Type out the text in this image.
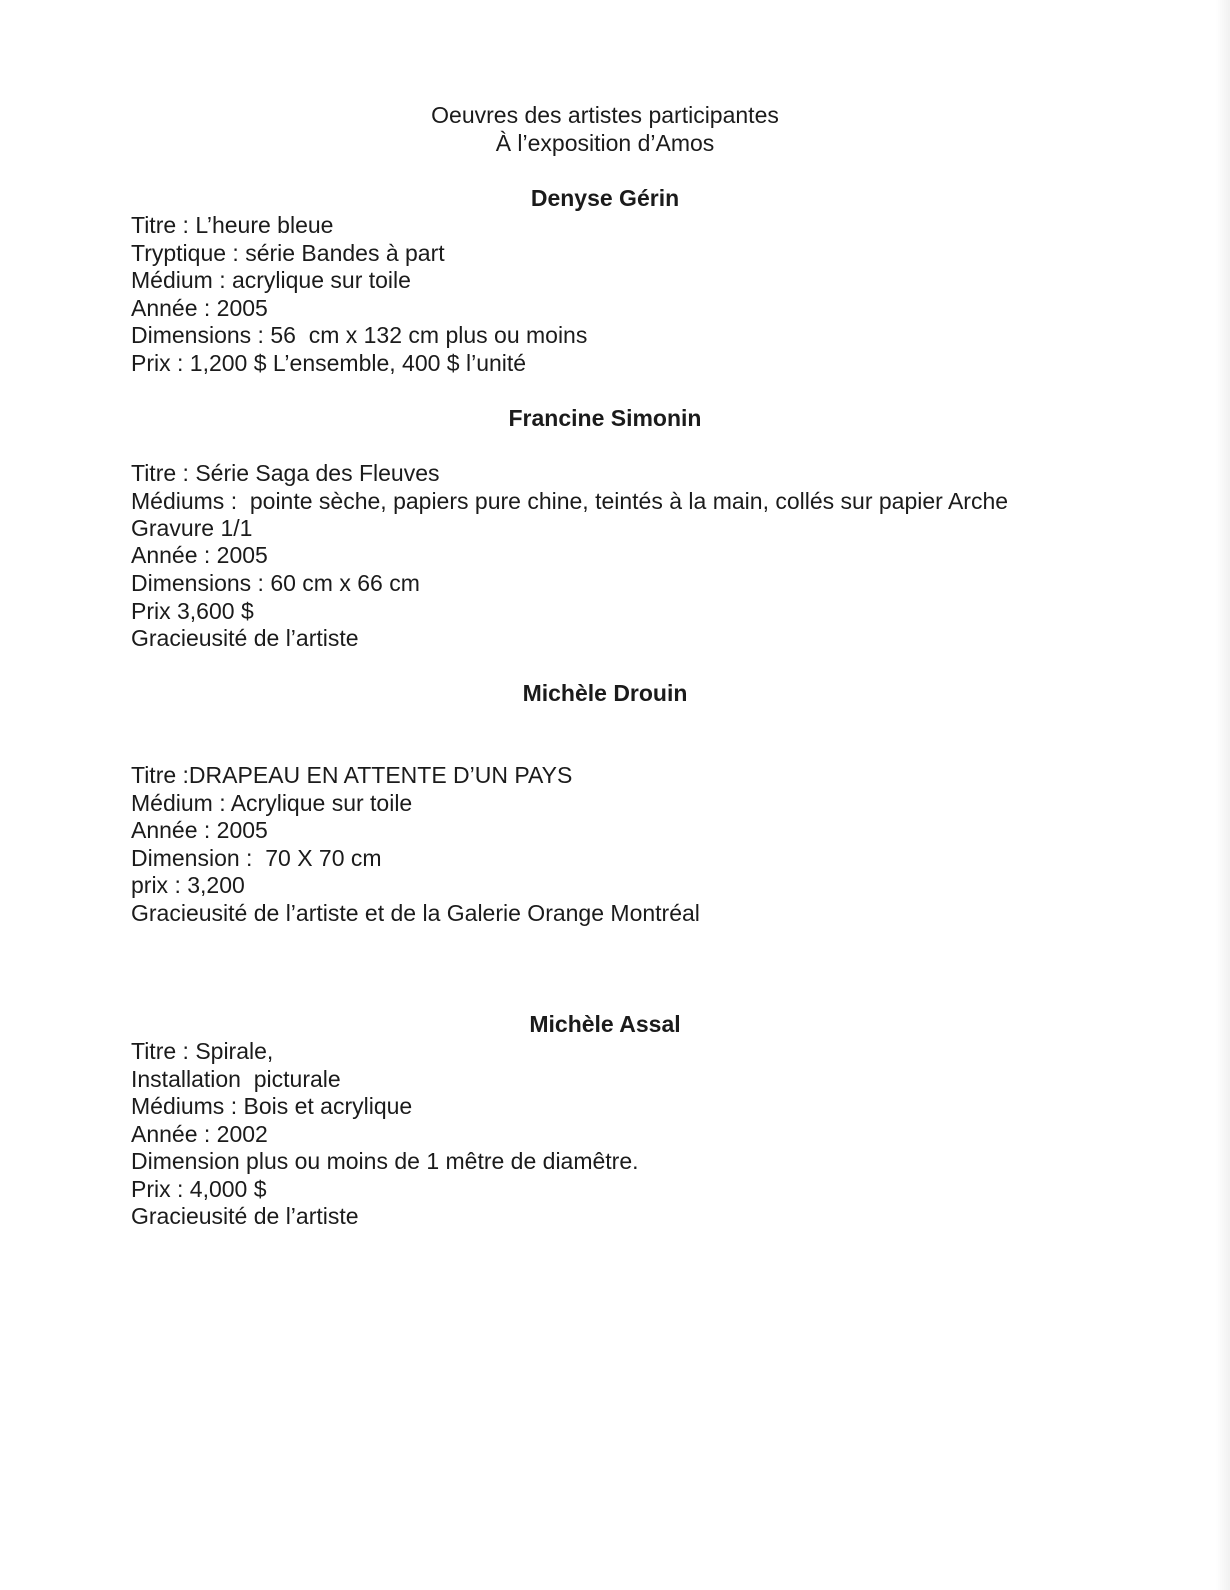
Oeuvres des artistes participantes
À l’exposition d’Amos
Denyse Gérin
Titre : L’heure bleue
Tryptique : série Bandes à part
Médium : acrylique sur toile
Année : 2005
Dimensions : 56  cm x 132 cm plus ou moins
Prix : 1,200 $ L’ensemble, 400 $ l’unité
Francine Simonin
Titre : Série Saga des Fleuves
Médiums :  pointe sèche, papiers pure chine, teintés à la main, collés sur papier Arche
Gravure 1/1
Année : 2005
Dimensions : 60 cm x 66 cm
Prix 3,600 $
Gracieusité de l’artiste
Michèle Drouin
Titre :DRAPEAU EN ATTENTE D’UN PAYS
Médium : Acrylique sur toile
Année : 2005
Dimension :  70 X 70 cm
prix : 3,200
Gracieusité de l’artiste et de la Galerie Orange Montréal
Michèle Assal
Titre : Spirale,
Installation  picturale
Médiums : Bois et acrylique
Année : 2002
Dimension plus ou moins de 1 mêtre de diamêtre.
Prix : 4,000 $
Gracieusité de l’artiste
